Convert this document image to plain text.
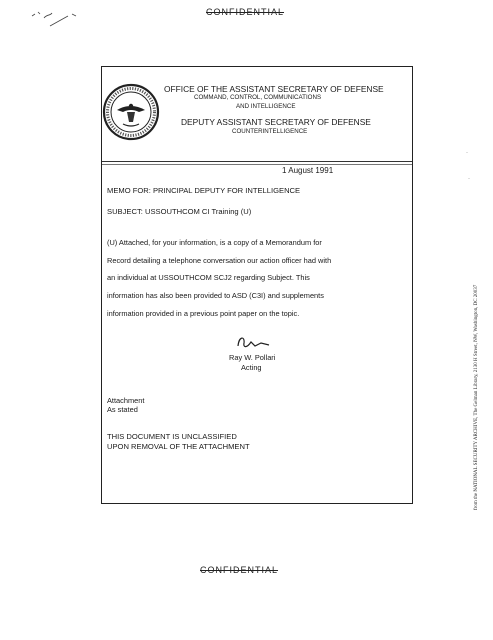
CONFIDENTIAL
OFFICE OF THE ASSISTANT SECRETARY OF DEFENSE
COMMAND, CONTROL, COMMUNICATIONS
AND INTELLIGENCE
DEPUTY ASSISTANT SECRETARY OF DEFENSE
COUNTERINTELLIGENCE
1 August 1991
MEMO FOR: PRINCIPAL DEPUTY FOR INTELLIGENCE
SUBJECT: USSOUTHCOM CI Training (U)
(U) Attached, for your information, is a copy of a Memorandum for
Record detailing a telephone conversation our action officer had with
an individual at USSOUTHCOM SCJ2 regarding Subject. This
information has also been provided to ASD (C3I) and supplements
information provided in a previous point paper on the topic.
Ray W. Pollari
Acting
Attachment
As stated
THIS DOCUMENT IS UNCLASSIFIED
UPON REMOVAL OF THE ATTACHMENT
CONFIDENTIAL
from the NATIONAL SECURITY ARCHIVE, The Gelman Library, 2130 H Street, NW, Washington, DC 20037
·
·
